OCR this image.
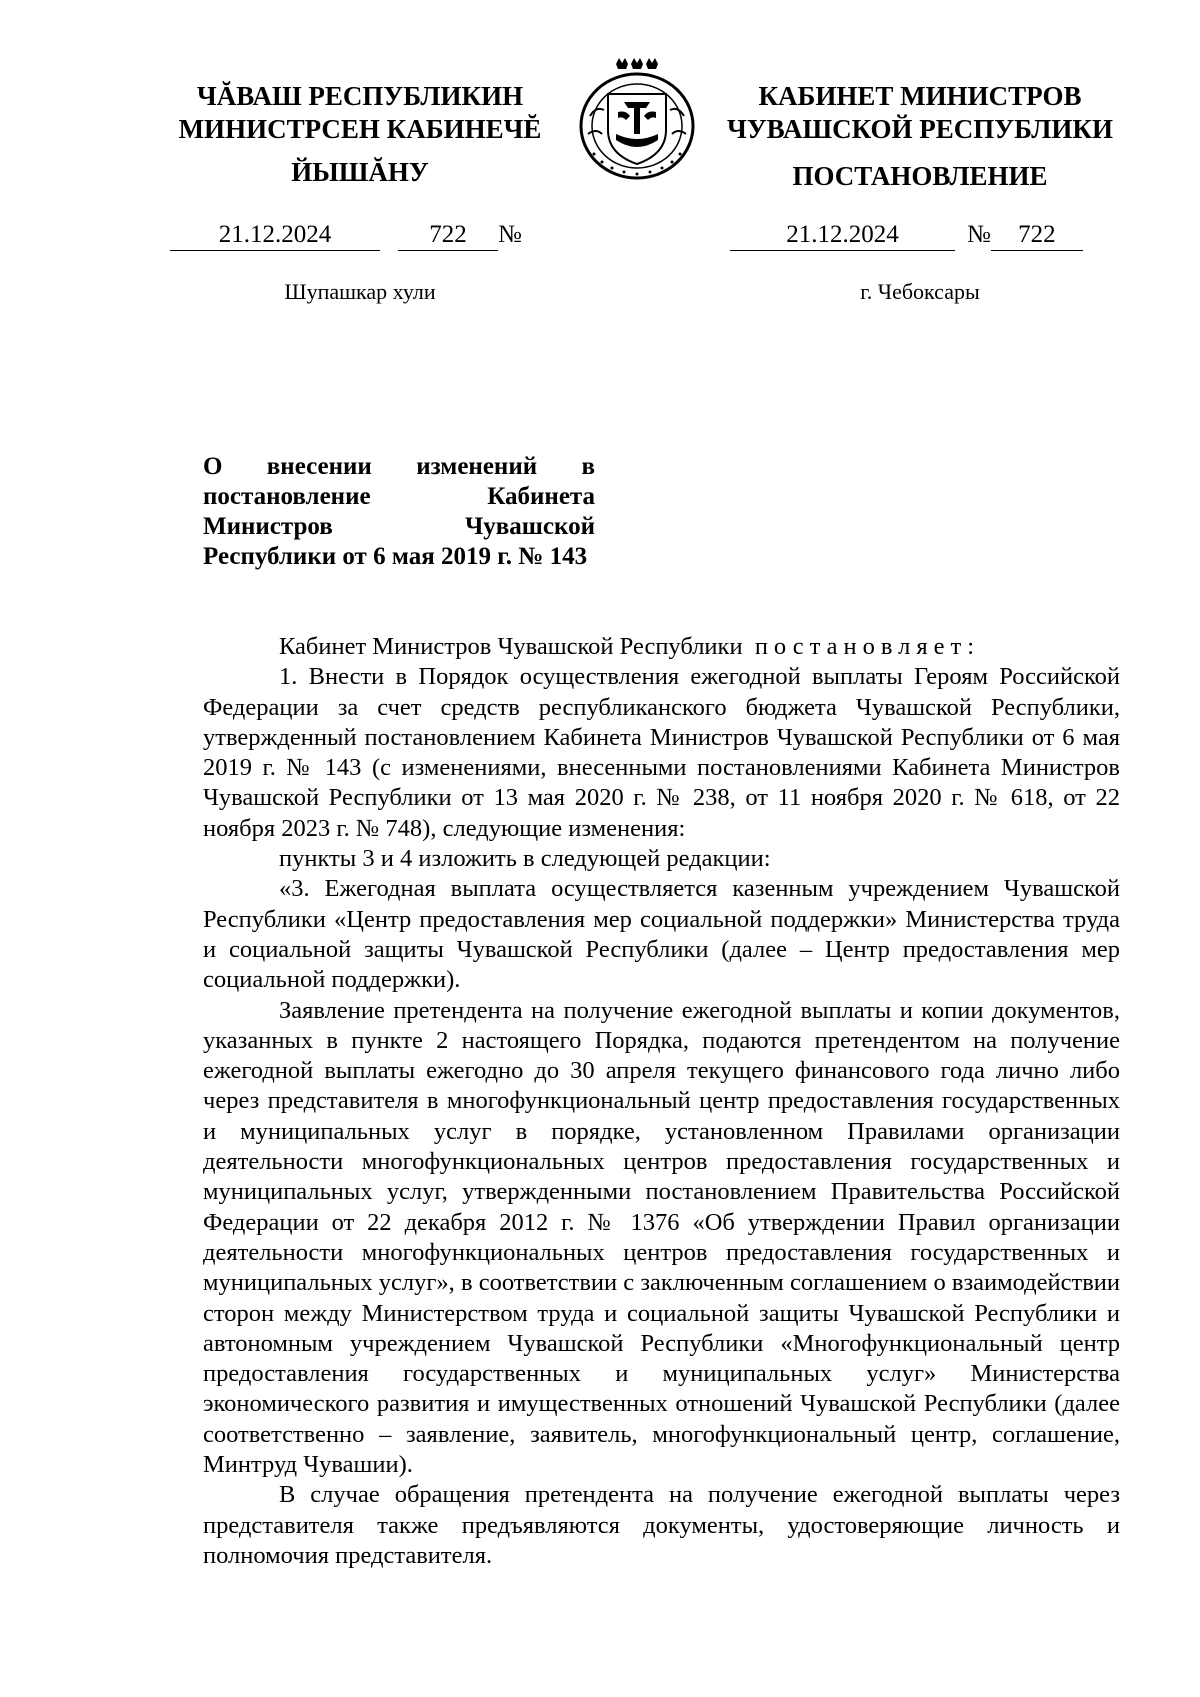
ЧĂВАШ РЕСПУБЛИКИН
МИНИСТРСЕН КАБИНЕЧĔ
ЙЫШĂНУ
21.12.2024	722 №
Шупашкар хули
КАБИНЕТ МИНИСТРОВ
ЧУВАШСКОЙ РЕСПУБЛИКИ
ПОСТАНОВЛЕНИЕ
21.12.2024	№ 722
г. Чебоксары
О внесении изменений в постановление Кабинета Министров Чувашской Республики от 6 мая 2019 г. № 143

Кабинет Министров Чувашской Республики постановляет:

1. Внести в Порядок осуществления ежегодной выплаты Героям Российской Федерации за счет средств республиканского бюджета Чувашской Республики, утвержденный постановлением Кабинета Министров Чувашской Республики от 6 мая 2019 г. № 143 (с изменениями, внесенными постановлениями Кабинета Министров Чувашской Республики от 13 мая 2020 г. № 238, от 11 ноября 2020 г. № 618, от 22 ноября 2023 г. № 748), следующие изменения:

пункты 3 и 4 изложить в следующей редакции:

«3. Ежегодная выплата осуществляется казенным учреждением Чувашской Республики «Центр предоставления мер социальной поддержки» Министерства труда и социальной защиты Чувашской Республики (далее – Центр предоставления мер социальной поддержки).

Заявление претендента на получение ежегодной выплаты и копии документов, указанных в пункте 2 настоящего Порядка, подаются претендентом на получение ежегодной выплаты ежегодно до 30 апреля текущего финансового года лично либо через представителя в многофункциональный центр предоставления государственных и муниципальных услуг в порядке, установленном Правилами организации деятельности многофункциональных центров предоставления государственных и муниципальных услуг, утвержденными постановлением Правительства Российской Федерации от 22 декабря 2012 г. № 1376 «Об утверждении Правил организации деятельности многофункциональных центров предоставления государственных и муниципальных услуг», в соответствии с заключенным соглашением о взаимодействии сторон между Министерством труда и социальной защиты Чувашской Республики и автономным учреждением Чувашской Республики «Многофункциональный центр предоставления государственных и муниципальных услуг» Министерства экономического развития и имущественных отношений Чувашской Республики (далее соответственно – заявление, заявитель, многофункциональный центр, соглашение, Минтруд Чувашии).

В случае обращения претендента на получение ежегодной выплаты через представителя также предъявляются документы, удостоверяющие личность и полномочия представителя.
